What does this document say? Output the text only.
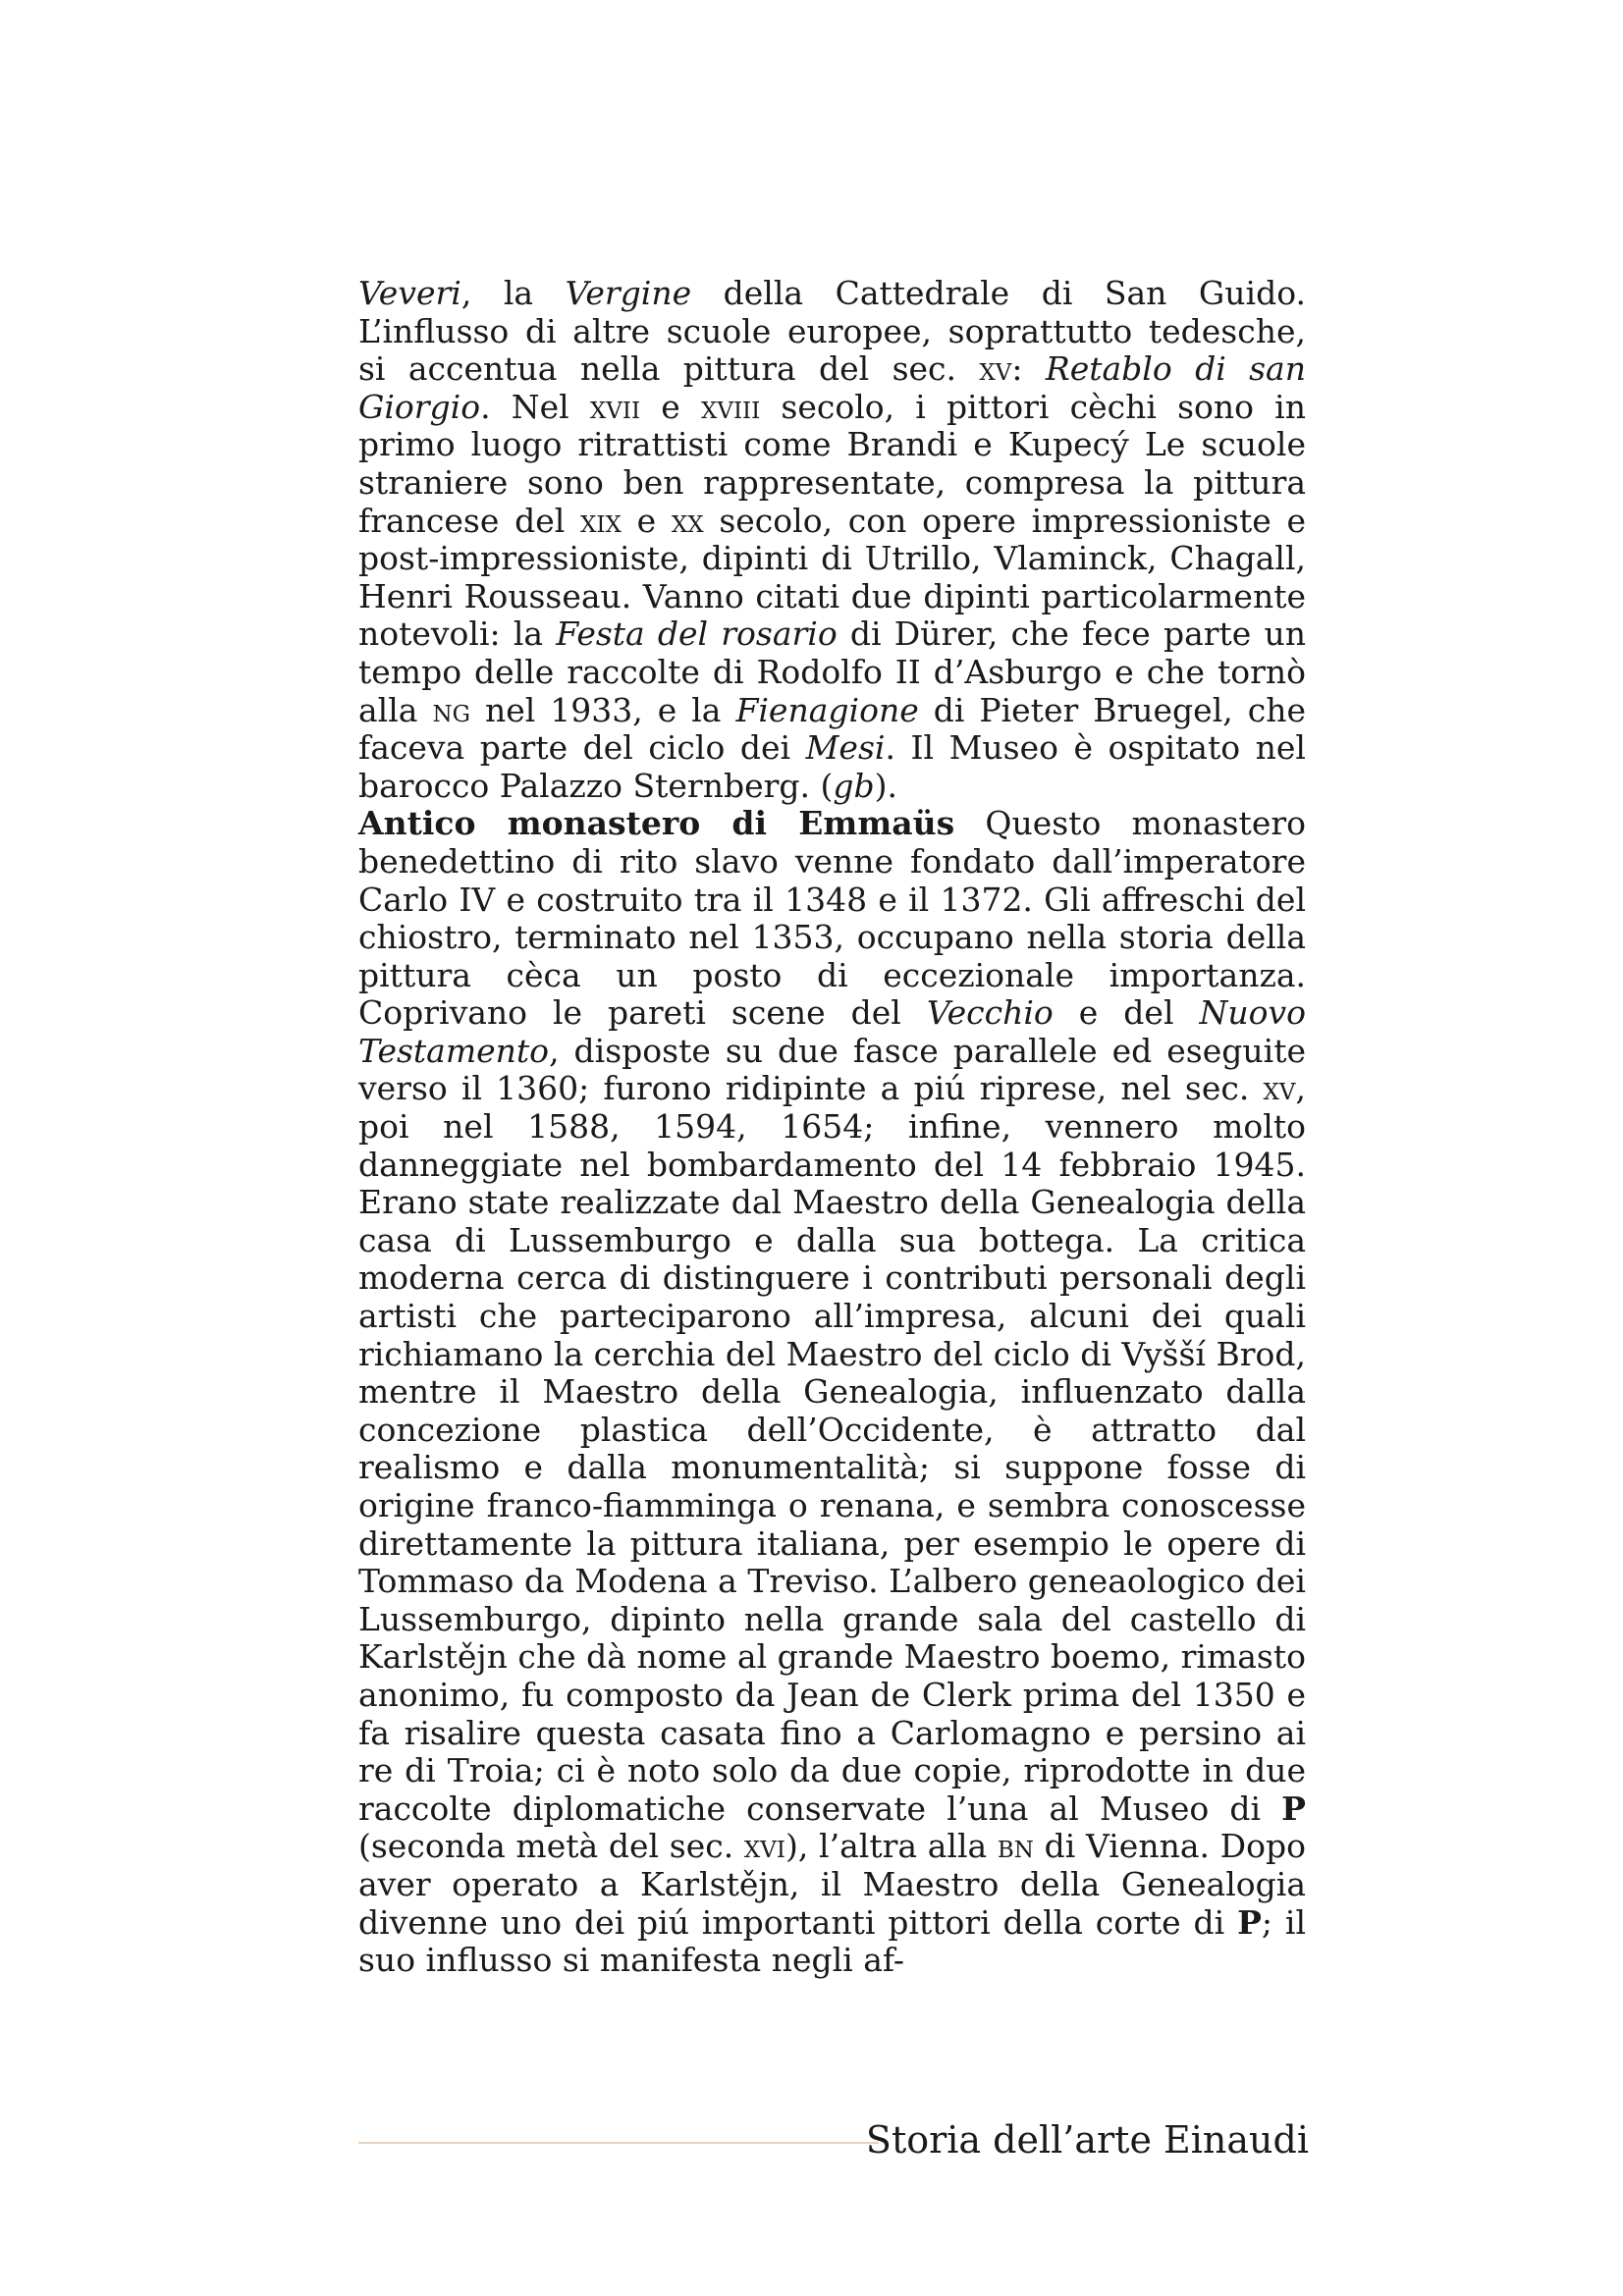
Veveri, la Vergine della Cattedrale di San Guido. L’influsso di altre scuole europee, soprattutto tedesche, si accentua nella pittura del sec. xv: Retablo di san Giorgio. Nel xvii e xviii secolo, i pittori cèchi sono in primo luogo ritrattisti come Brandi e Kupecý Le scuole straniere sono ben rappresentate, compresa la pittura francese del xix e xx secolo, con opere impressioniste e post-impressioniste, dipinti di Utrillo, Vlaminck, Chagall, Henri Rousseau. Vanno citati due dipinti particolarmente notevoli: la Festa del rosario di Dürer, che fece parte un tempo delle raccolte di Rodolfo II d’Asburgo e che tornò alla ng nel 1933, e la Fienagione di Pieter Bruegel, che faceva parte del ciclo dei Mesi. Il Museo è ospitato nel barocco Palazzo Sternberg. (gb).

Antico monastero di Emmaüs Questo monastero benedettino di rito slavo venne fondato dall’imperatore Carlo IV e costruito tra il 1348 e il 1372. Gli affreschi del chiostro, terminato nel 1353, occupano nella storia della pittura cèca un posto di eccezionale importanza. Coprivano le pareti scene del Vecchio e del Nuovo Testamento, disposte su due fasce parallele ed eseguite verso il 1360; furono ridipinte a piú riprese, nel sec. xv, poi nel 1588, 1594, 1654; infine, vennero molto danneggiate nel bombardamento del 14 febbraio 1945. Erano state realizzate dal Maestro della Genealogia della casa di Lussemburgo e dalla sua bottega. La critica moderna cerca di distinguere i contributi personali degli artisti che parteciparono all’impresa, alcuni dei quali richiamano la cerchia del Maestro del ciclo di Vyšší Brod, mentre il Maestro della Genealogia, influenzato dalla concezione plastica dell’Occidente, è attratto dal realismo e dalla monumentalità; si suppone fosse di origine franco-fiamminga o renana, e sembra conoscesse direttamente la pittura italiana, per esempio le opere di Tommaso da Modena a Treviso. L’albero geneaologico dei Lussemburgo, dipinto nella grande sala del castello di Karlstějn che dà nome al grande Maestro boemo, rimasto anonimo, fu composto da Jean de Clerk prima del 1350 e fa risalire questa casata fino a Carlomagno e persino ai re di Troia; ci è noto solo da due copie, riprodotte in due raccolte diplomatiche conservate l’una al Museo di P (seconda metà del sec. xvi), l’altra alla bn di Vienna. Dopo aver operato a Karlstějn, il Maestro della Genealogia divenne uno dei piú importanti pittori della corte di P; il suo influsso si manifesta negli af-

Storia dell’arte Einaudi
